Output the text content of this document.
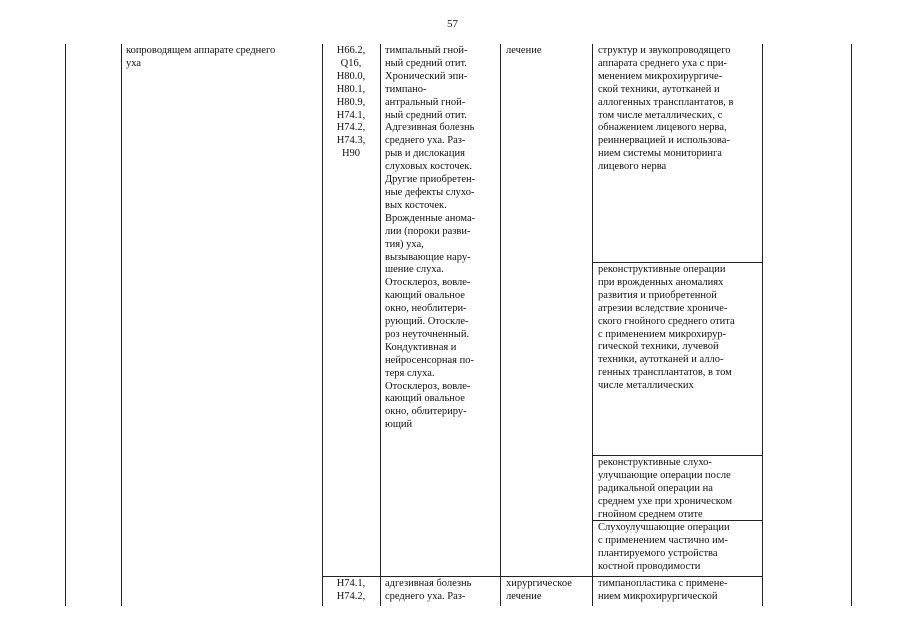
57
копроводящем аппарате среднего
уха
H66.2,
Q16,
H80.0,
H80.1,
H80.9,
H74.1,
H74.2,
H74.3,
H90
тимпальный гной-
ный средний отит.
Хронический эпи-
тимпано-
антральный гной-
ный средний отит.
Адгезивная болезнь
среднего уха. Раз-
рыв и дислокация
слуховых косточек.
Другие приобретен-
ные дефекты слухо-
вых косточек.
Врожденные анома-
лии (пороки разви-
тия) уха,
вызывающие нару-
шение слуха.
Отосклероз, вовле-
кающий овальное
окно, необлитери-
рующий. Отоскле-
роз неуточненный.
Кондуктивная и
нейросенсорная по-
теря слуха.
Отосклероз, вовле-
кающий овальное
окно, облитериру-
ющий
лечение	структур и звукопроводящего
аппарата среднего уха с при-
менением микрохирургиче-
ской техники, аутотканей и
аллогенных трансплантатов, в
том числе металлических, с
обнажением лицевого нерва,
реиннервацией и использова-
нием системы мониторинга
лицевого нерва
реконструктивные операции
при врожденных аномалиях
развития и приобретенной
атрезии вследствие хрониче-
ского гнойного среднего отита
с применением микрохирур-
гической техники, лучевой
техники, аутотканей и алло-
генных трансплантатов, в том
числе металлических
реконструктивные слухо-
улучшающие операции после
радикальной операции на
среднем ухе при хроническом
гнойном среднем отите
Слухоулучшающие операции
с применением частично им-
плантируемого устройства
костной проводимости
H74.1,
H74.2,
адгезивная болезнь
среднего уха. Раз-
хирургическое
лечение
тимпанопластика с примене-
нием микрохирургической
